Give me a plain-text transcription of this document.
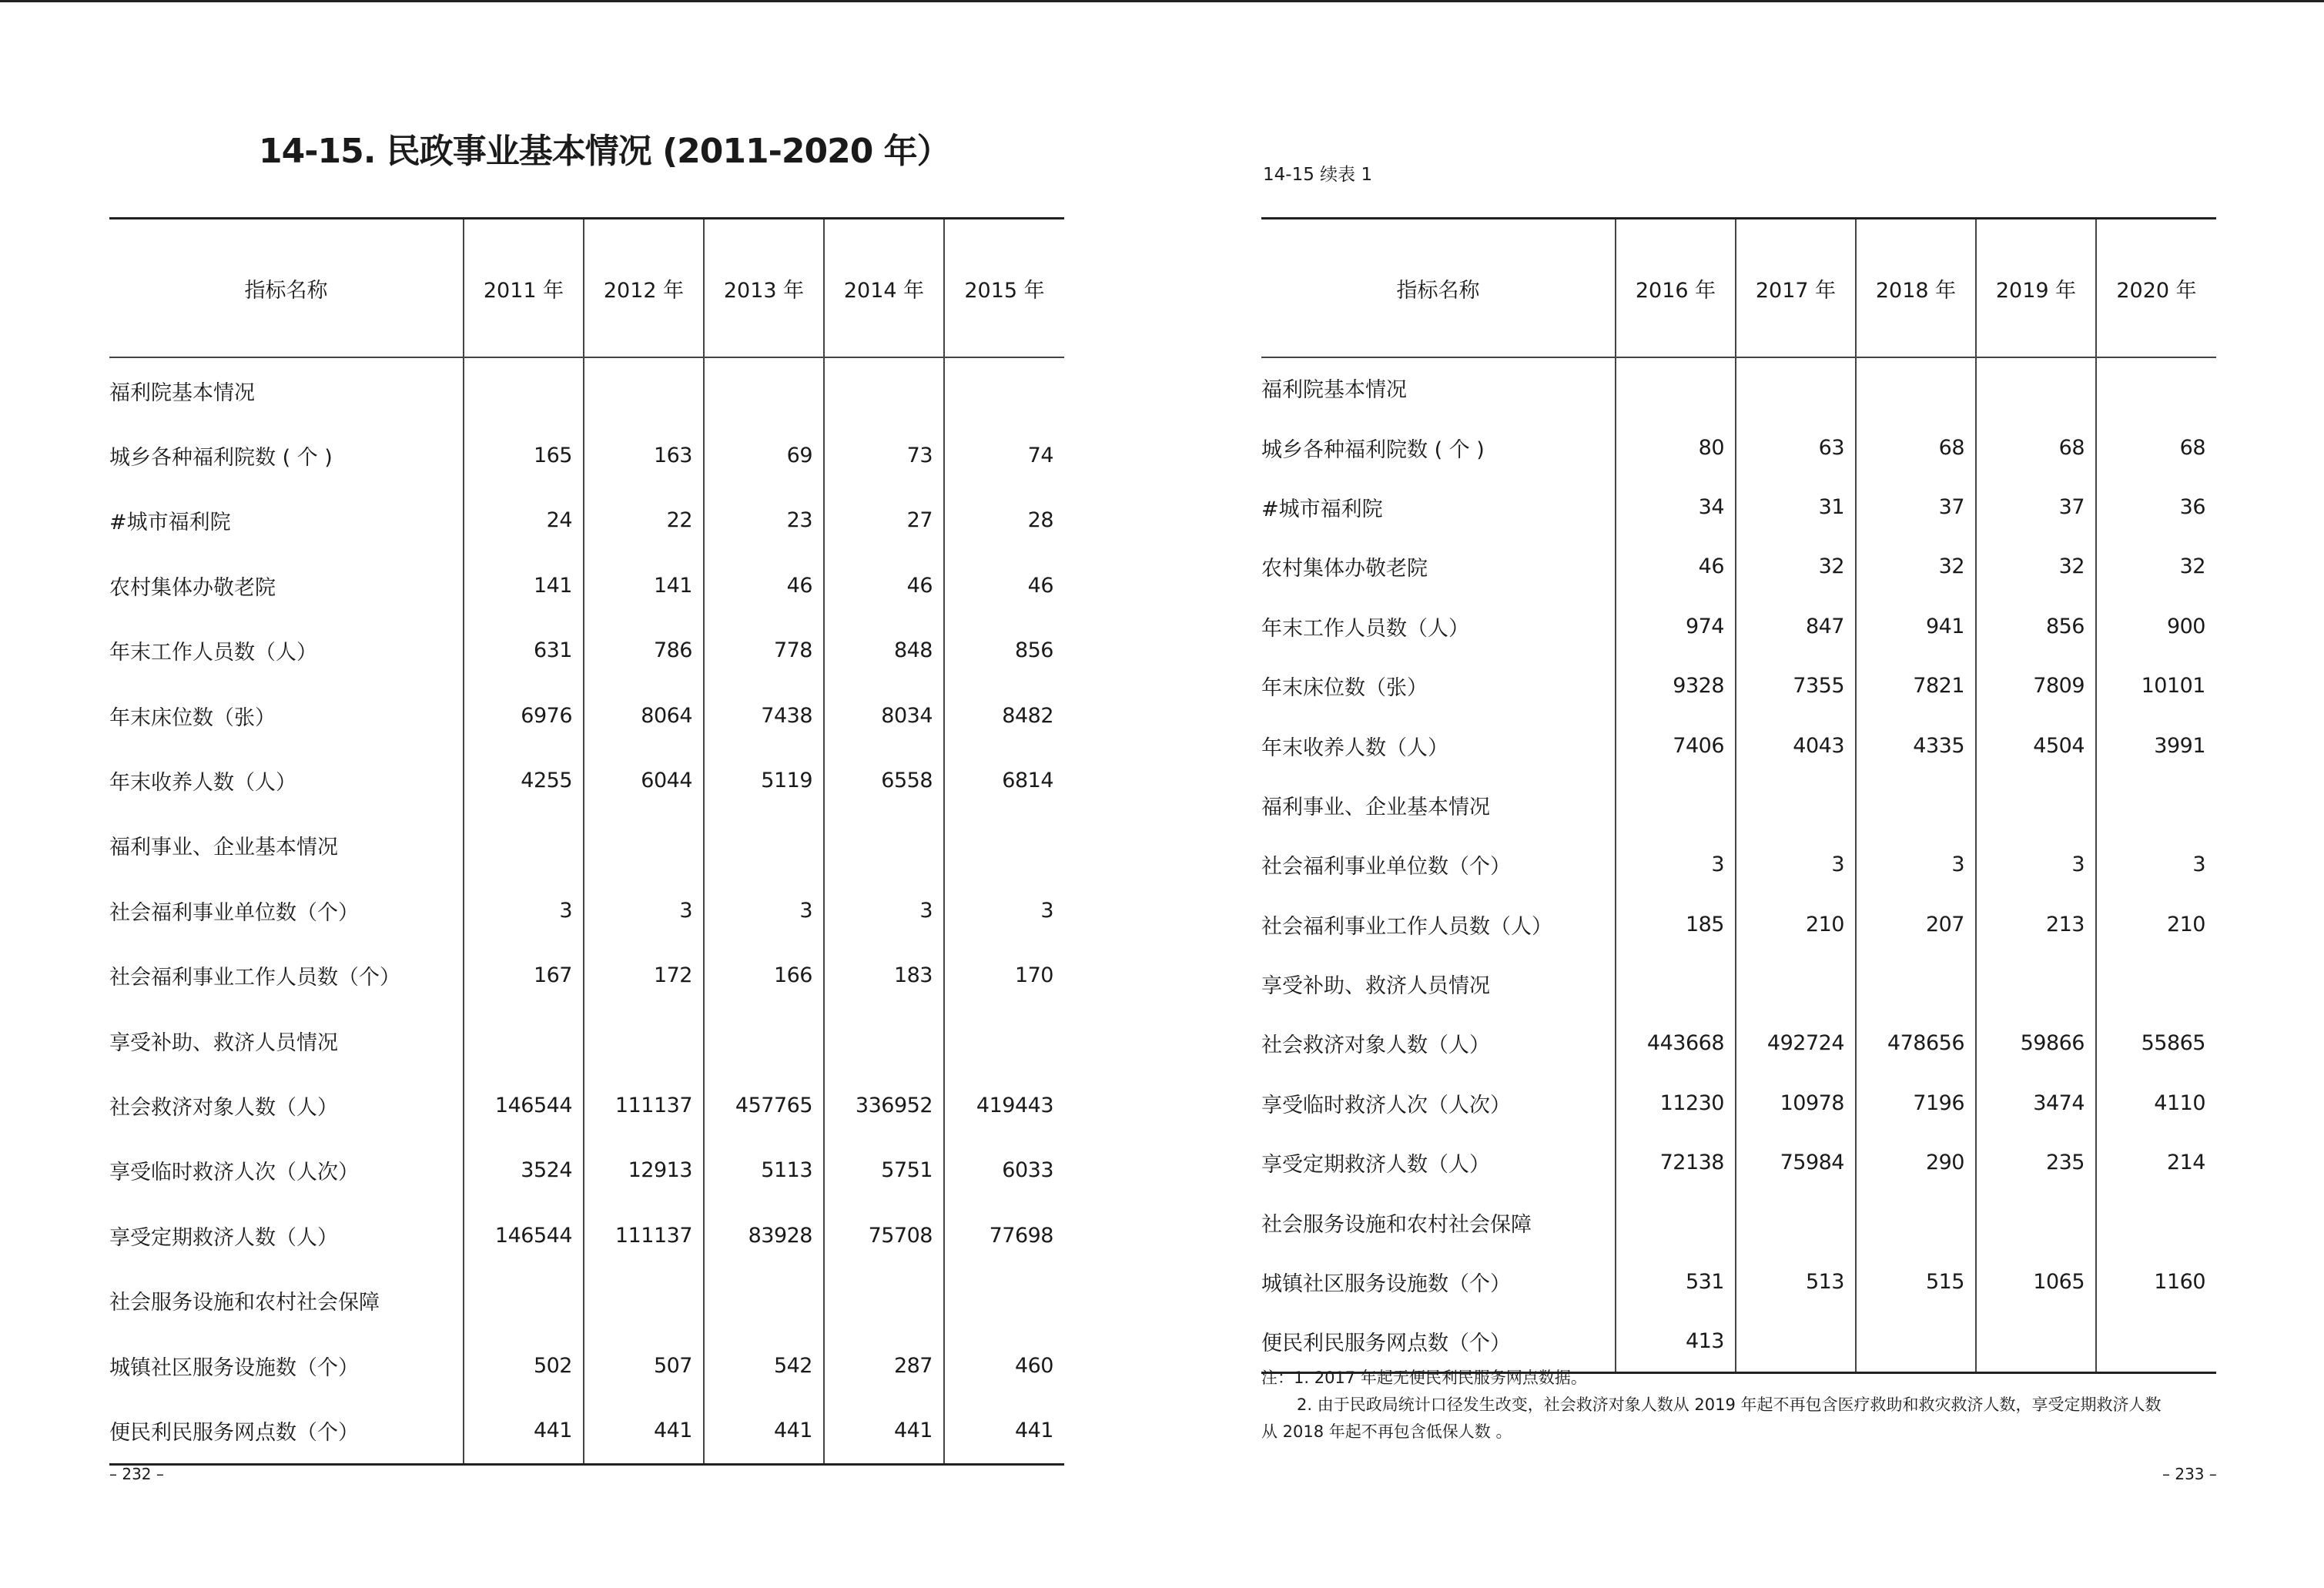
14-15. 民政事业基本情况 (2011-2020 年）
指标名称	2011 年	2012 年	2013 年	2014 年	2015 年
福利院基本情况					
城乡各种福利院数 ( 个 )	165	163	69	73	74
#城市福利院	24	22	23	27	28
农村集体办敬老院	141	141	46	46	46
年末工作人员数（人）	631	786	778	848	856
年末床位数（张）	6976	8064	7438	8034	8482
年末收养人数（人）	4255	6044	5119	6558	6814
福利事业、企业基本情况					
社会福利事业单位数（个）	3	3	3	3	3
社会福利事业工作人员数（个）	167	172	166	183	170
享受补助、救济人员情况					
社会救济对象人数（人）	146544	111137	457765	336952	419443
享受临时救济人次（人次）	3524	12913	5113	5751	6033
享受定期救济人数（人）	146544	111137	83928	75708	77698
社会服务设施和农村社会保障					
城镇社区服务设施数（个）	502	507	542	287	460
便民利民服务网点数（个）	441	441	441	441	441
– 232 –
14-15 续表 1
指标名称	2016 年	2017 年	2018 年	2019 年	2020 年
福利院基本情况					
城乡各种福利院数 ( 个 )	80	63	68	68	68
#城市福利院	34	31	37	37	36
农村集体办敬老院	46	32	32	32	32
年末工作人员数（人）	974	847	941	856	900
年末床位数（张）	9328	7355	7821	7809	10101
年末收养人数（人）	7406	4043	4335	4504	3991
福利事业、企业基本情况					
社会福利事业单位数（个）	3	3	3	3	3
社会福利事业工作人员数（人）	185	210	207	213	210
享受补助、救济人员情况					
社会救济对象人数（人）	443668	492724	478656	59866	55865
享受临时救济人次（人次）	11230	10978	7196	3474	4110
享受定期救济人数（人）	72138	75984	290	235	214
社会服务设施和农村社会保障					
城镇社区服务设施数（个）	531	513	515	1065	1160
便民利民服务网点数（个）	413				
注：1. 2017 年起无便民利民服务网点数据。
2. 由于民政局统计口径发生改变，社会救济对象人数从 2019 年起不再包含医疗救助和救灾救济人数，享受定期救济人数
从 2018 年起不再包含低保人数 。
– 233 –
